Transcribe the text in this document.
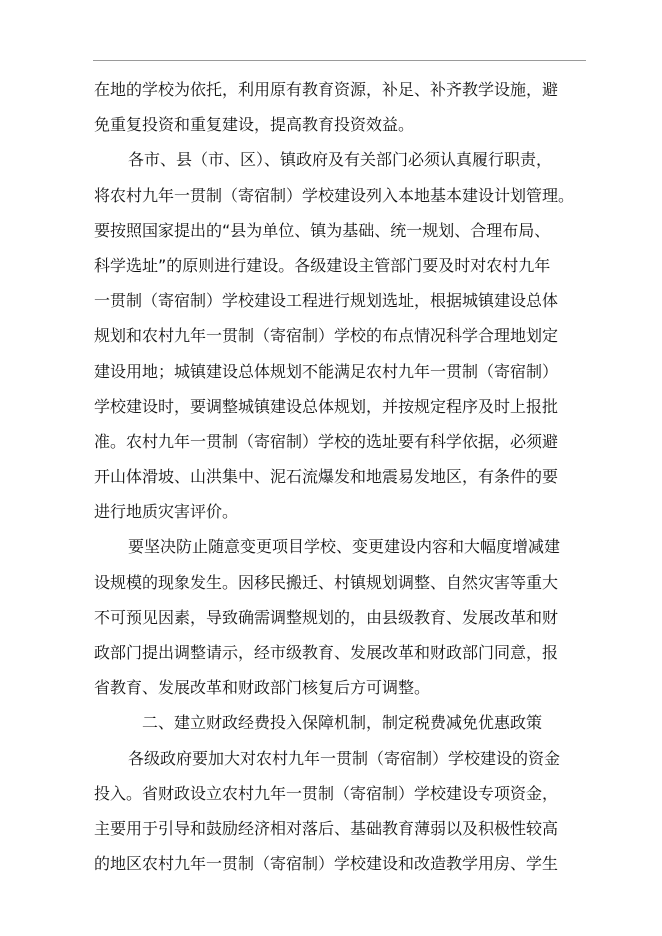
在地的学校为依托，利用原有教育资源，补足、补齐教学设施，避
免重复投资和重复建设，提高教育投资效益。
各市、县（市、区）、镇政府及有关部门必须认真履行职责，
将农村九年一贯制（寄宿制）学校建设列入本地基本建设计划管理。
要按照国家提出的“县为单位、镇为基础、统一规划、合理布局、
科学选址”的原则进行建设。各级建设主管部门要及时对农村九年
一贯制（寄宿制）学校建设工程进行规划选址，根据城镇建设总体
规划和农村九年一贯制（寄宿制）学校的布点情况科学合理地划定
建设用地；城镇建设总体规划不能满足农村九年一贯制（寄宿制）
学校建设时，要调整城镇建设总体规划，并按规定程序及时上报批
准。农村九年一贯制（寄宿制）学校的选址要有科学依据，必须避
开山体滑坡、山洪集中、泥石流爆发和地震易发地区，有条件的要
进行地质灾害评价。
要坚决防止随意变更项目学校、变更建设内容和大幅度增减建
设规模的现象发生。因移民搬迁、村镇规划调整、自然灾害等重大
不可预见因素，导致确需调整规划的，由县级教育、发展改革和财
政部门提出调整请示，经市级教育、发展改革和财政部门同意，报
省教育、发展改革和财政部门核复后方可调整。
二、建立财政经费投入保障机制，制定税费减免优惠政策
各级政府要加大对农村九年一贯制（寄宿制）学校建设的资金
投入。省财政设立农村九年一贯制（寄宿制）学校建设专项资金，
主要用于引导和鼓励经济相对落后、基础教育薄弱以及积极性较高
的地区农村九年一贯制（寄宿制）学校建设和改造教学用房、学生
